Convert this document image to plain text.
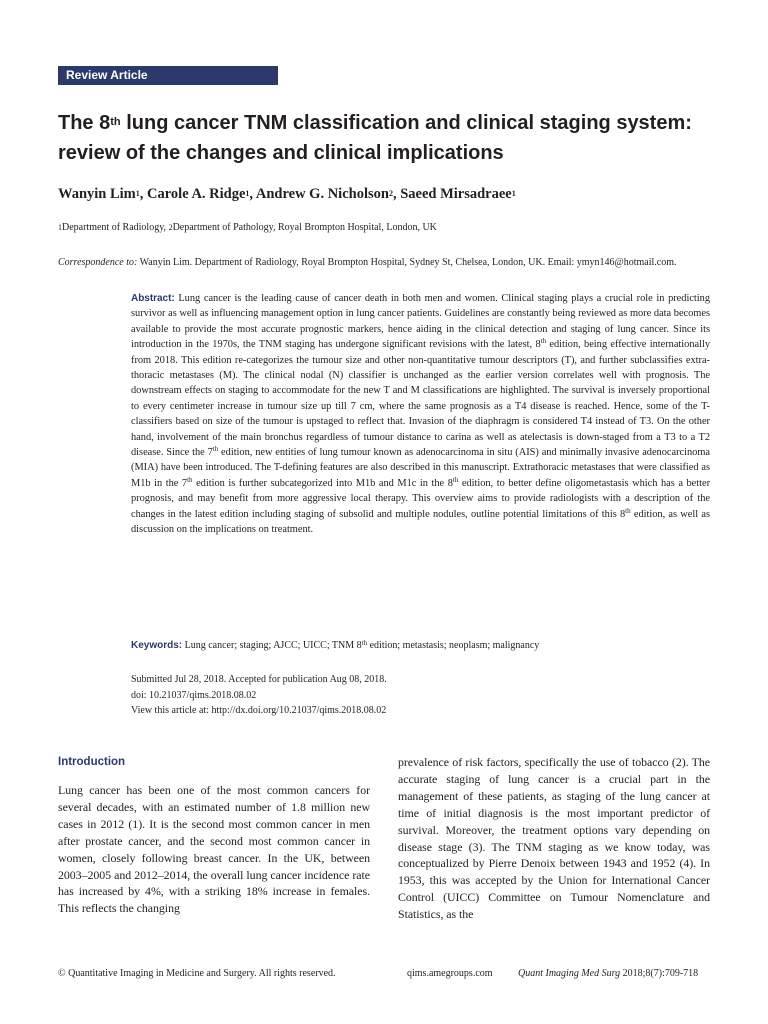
Review Article
The 8th lung cancer TNM classification and clinical staging system: review of the changes and clinical implications
Wanyin Lim$^1$, Carole A. Ridge$^1$, Andrew G. Nicholson$^2$, Saeed Mirsadraee$^1$
$^1$Department of Radiology, $^2$Department of Pathology, Royal Brompton Hospital, London, UK
Correspondence to: Wanyin Lim. Department of Radiology, Royal Brompton Hospital, Sydney St, Chelsea, London, UK. Email: ymyn146@hotmail.com.
Abstract: Lung cancer is the leading cause of cancer death in both men and women. Clinical staging plays a crucial role in predicting survivor as well as influencing management option in lung cancer patients. Guidelines are constantly being reviewed as more data becomes available to provide the most accurate prognostic markers, hence aiding in the clinical detection and staging of lung cancer. Since its introduction in the 1970s, the TNM staging has undergone significant revisions with the latest, 8th edition, being effective internationally from 2018. This edition re-categorizes the tumour size and other non-quantitative tumour descriptors (T), and further subclassifies extra-thoracic metastases (M). The clinical nodal (N) classifier is unchanged as the earlier version correlates well with prognosis. The downstream effects on staging to accommodate for the new T and M classifications are highlighted. The survival is inversely proportional to every centimeter increase in tumour size up till 7 cm, where the same prognosis as a T4 disease is reached. Hence, some of the T-classifiers based on size of the tumour is upstaged to reflect that. Invasion of the diaphragm is considered T4 instead of T3. On the other hand, involvement of the main bronchus regardless of tumour distance to carina as well as atelectasis is down-staged from a T3 to a T2 disease. Since the 7th edition, new entities of lung tumour known as adenocarcinoma in situ (AIS) and minimally invasive adenocarcinoma (MIA) have been introduced. The T-defining features are also described in this manuscript. Extrathoracic metastases that were classified as M1b in the 7th edition is further subcategorized into M1b and M1c in the 8th edition, to better define oligometastasis which has a better prognosis, and may benefit from more aggressive local therapy. This overview aims to provide radiologists with a description of the changes in the latest edition including staging of subsolid and multiple nodules, outline potential limitations of this 8th edition, as well as discussion on the implications on treatment.
Keywords: Lung cancer; staging; AJCC; UICC; TNM 8th edition; metastasis; neoplasm; malignancy
Submitted Jul 28, 2018. Accepted for publication Aug 08, 2018.
doi: 10.21037/qims.2018.08.02
View this article at: http://dx.doi.org/10.21037/qims.2018.08.02
Introduction
Lung cancer has been one of the most common cancers for several decades, with an estimated number of 1.8 million new cases in 2012 (1). It is the second most common cancer in men after prostate cancer, and the second most common cancer in women, closely following breast cancer. In the UK, between 2003–2005 and 2012–2014, the overall lung cancer incidence rate has increased by 4%, with a striking 18% increase in females. This reflects the changing
prevalence of risk factors, specifically the use of tobacco (2). The accurate staging of lung cancer is a crucial part in the management of these patients, as staging of the lung cancer at time of initial diagnosis is the most important predictor of survival. Moreover, the treatment options vary depending on disease stage (3). The TNM staging as we know today, was conceptualized by Pierre Denoix between 1943 and 1952 (4). In 1953, this was accepted by the Union for International Cancer Control (UICC) Committee on Tumour Nomenclature and Statistics, as the
© Quantitative Imaging in Medicine and Surgery. All rights reserved.	qims.amegroups.com	Quant Imaging Med Surg 2018;8(7):709-718
